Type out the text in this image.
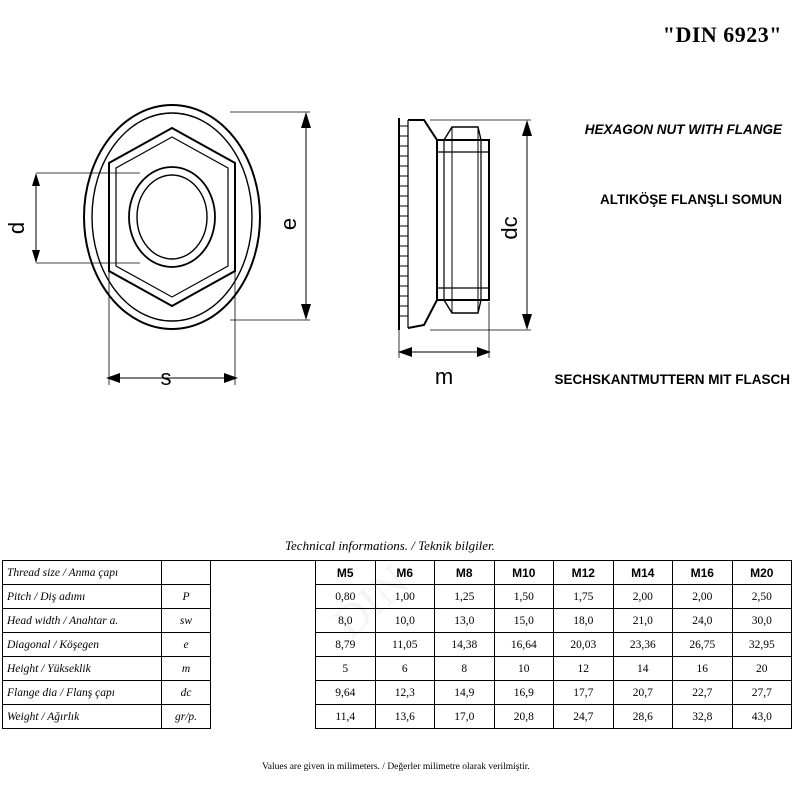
"DIN 6923"
HEXAGON NUT WITH FLANGE
ALTIKÖŞE FLANŞLI SOMUN
SECHSKANTMUTTERN MIT FLASCH
d	e
s
dc
m
Technical informations. / Teknik bilgiler.
Thread size / Anma çapı			M5	M6	M8	M10	M12	M14	M16	M20
Pitch / Diş adımı	P		0,80	1,00	1,25	1,50	1,75	2,00	2,00	2,50
Head width / Anahtar a.	sw		8,0	10,0	13,0	15,0	18,0	21,0	24,0	30,0
Diagonal / Köşegen	e		8,79	11,05	14,38	16,64	20,03	23,36	26,75	32,95
Height / Yükseklik	m		5	6	8	10	12	14	16	20
Flange dia / Flanş çapı	dc		9,64	12,3	14,9	16,9	17,7	20,7	22,7	27,7
Weight / Ağırlık	gr/p.		11,4	13,6	17,0	20,8	24,7	28,6	32,8	43,0
Values are given in milimeters. / Değerler milimetre olarak verilmiştir.
